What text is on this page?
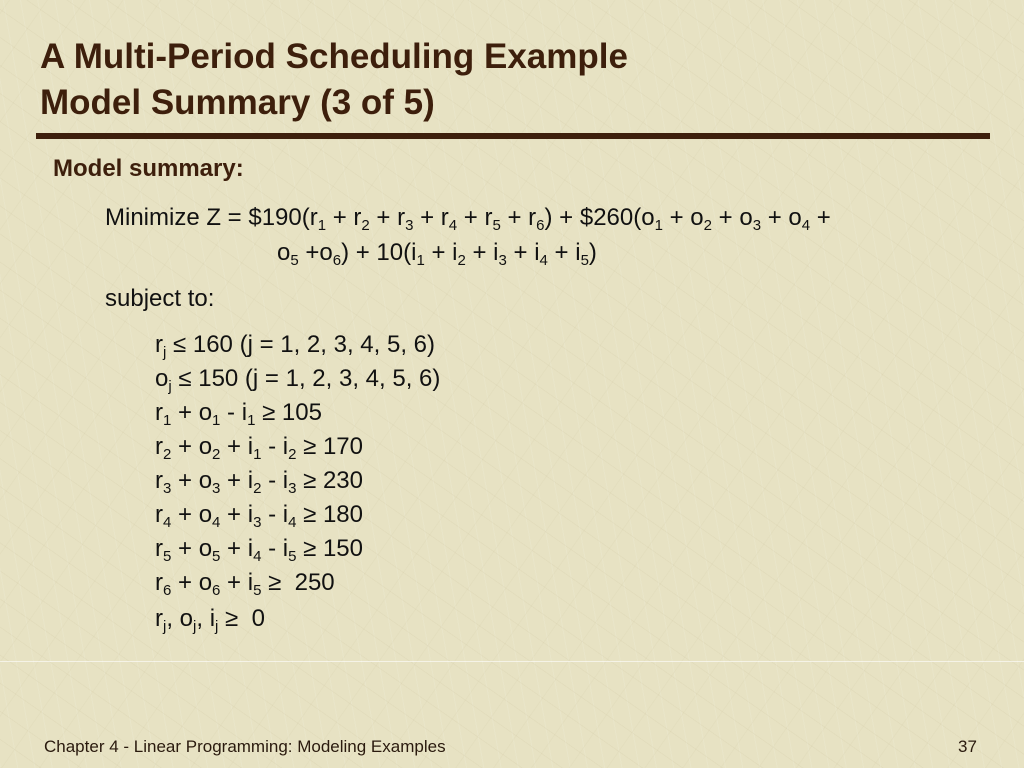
A Multi-Period Scheduling Example
Model Summary (3 of 5)
Model summary:
Minimize $Z = \$190(r_1 + r_2 + r_3 + r_4 + r_5 + r_6)$ + $\$260(o_1 + o_2 + o_3 + o_4$ +
$o_5 +o_6) + 10(i_1 + i_2 + i_3 + i_4 + i_5)$
subject to:
$r_j \le 160$ (j = 1, 2, 3, 4, 5, 6)
$o_j \le 150$ (j = 1, 2, 3, 4, 5, 6)
$r_1 + o_1 - i_1 \ge 105$
$r_2 + o_2 + i_1 - i_2 \ge 170$
$r_3 + o_3 + i_2 - i_3 \ge 230$
$r_4 + o_4 + i_3 - i_4 \ge 180$
$r_5 + o_5 + i_4 - i_5 \ge 150$
$r_6 + o_6 + i_5 \ge 250$
$r_j$, $o_j$, $i_j \ge 0$
Chapter 4 - Linear Programming: Modeling Examples	37
